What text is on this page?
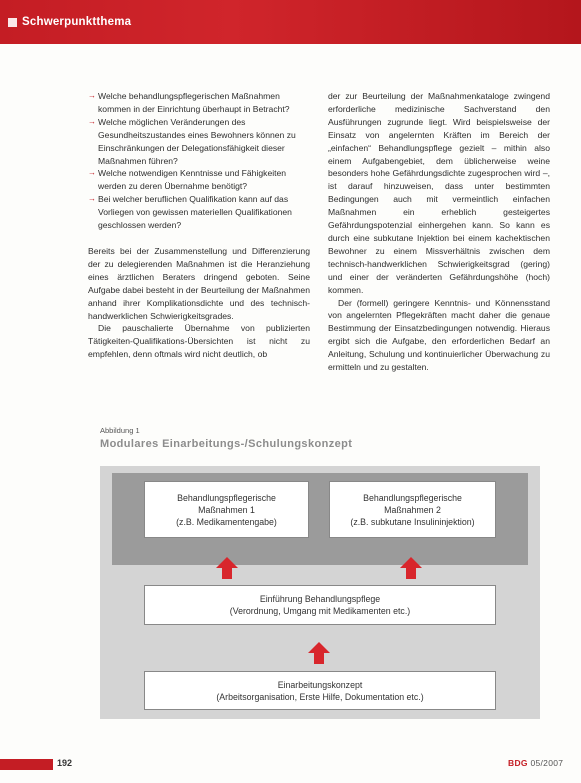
Schwerpunktthema
→ Welche behandlungspflegerischen Maßnahmen kommen in der Einrichtung überhaupt in Betracht?
→ Welche möglichen Veränderungen des Gesundheitszustandes eines Bewohners können zu Einschränkungen der Delegationsfähigkeit dieser Maßnahmen führen?
→ Welche notwendigen Kenntnisse und Fähigkeiten werden zu deren Übernahme benötigt?
→ Bei welcher beruflichen Qualifikation kann auf das Vorliegen von gewissen materiellen Qualifikationen geschlossen werden?

Bereits bei der Zusammenstellung und Differenzierung der zu delegierenden Maßnahmen ist die Heranziehung eines ärztlichen Beraters dringend geboten. Seine Aufgabe dabei besteht in der Beurteilung der Maßnahmen anhand ihrer Komplikationsdichte und des technisch-handwerklichen Schwierigkeitsgrades.

Die pauschalierte Übernahme von publizierten Tätigkeiten-Qualifikations-Übersichten ist nicht zu empfehlen, denn oftmals wird nicht deutlich, ob

der zur Beurteilung der Maßnahmenkataloge zwingend erforderliche medizinische Sachverstand den Ausführungen zugrunde liegt. Wird beispielsweise der Einsatz von angelernten Kräften im Bereich der „einfachen“ Behandlungspflege gezielt – mithin also einem Aufgabengebiet, dem üblicherweise weine besonders hohe Gefährdungsdichte zugesprochen wird –, ist darauf hinzuweisen, dass unter bestimmten Bedingungen auch mit vermeintlich einfachen Maßnahmen ein erheblich gesteigertes Gefährdungspotenzial einhergehen kann. So kann es durch eine subkutane Injektion bei einem kachektischen Bewohner zu einem Missverhältnis zwischen dem technisch-handwerklichen Schwierigkeitsgrad (gering) und einer der veränderten Gefährdungshöhe (hoch) kommen.

Der (formell) geringere Kenntnis- und Könnensstand von angelernten Pflegekräften macht daher die genaue Bestimmung der Einsatzbedingungen notwendig. Hieraus ergibt sich die Aufgabe, den erforderlichen Bedarf an Anleitung, Schulung und kontinuierlicher Überwachung zu ermitteln und zu gestalten.

Abbildung 1
Modulares Einarbeitungs-/Schulungskonzept
Behandlungspflegerische
Maßnahmen 1
(z.B. Medikamentengabe)
Behandlungspflegerische
Maßnahmen 2
(z.B. subkutane Insulininjektion)
Einführung Behandlungspflege
(Verordnung, Umgang mit Medikamenten etc.)
Einarbeitungskonzept
(Arbeitsorganisation, Erste Hilfe, Dokumentation etc.)
192	BDG 05/2007
